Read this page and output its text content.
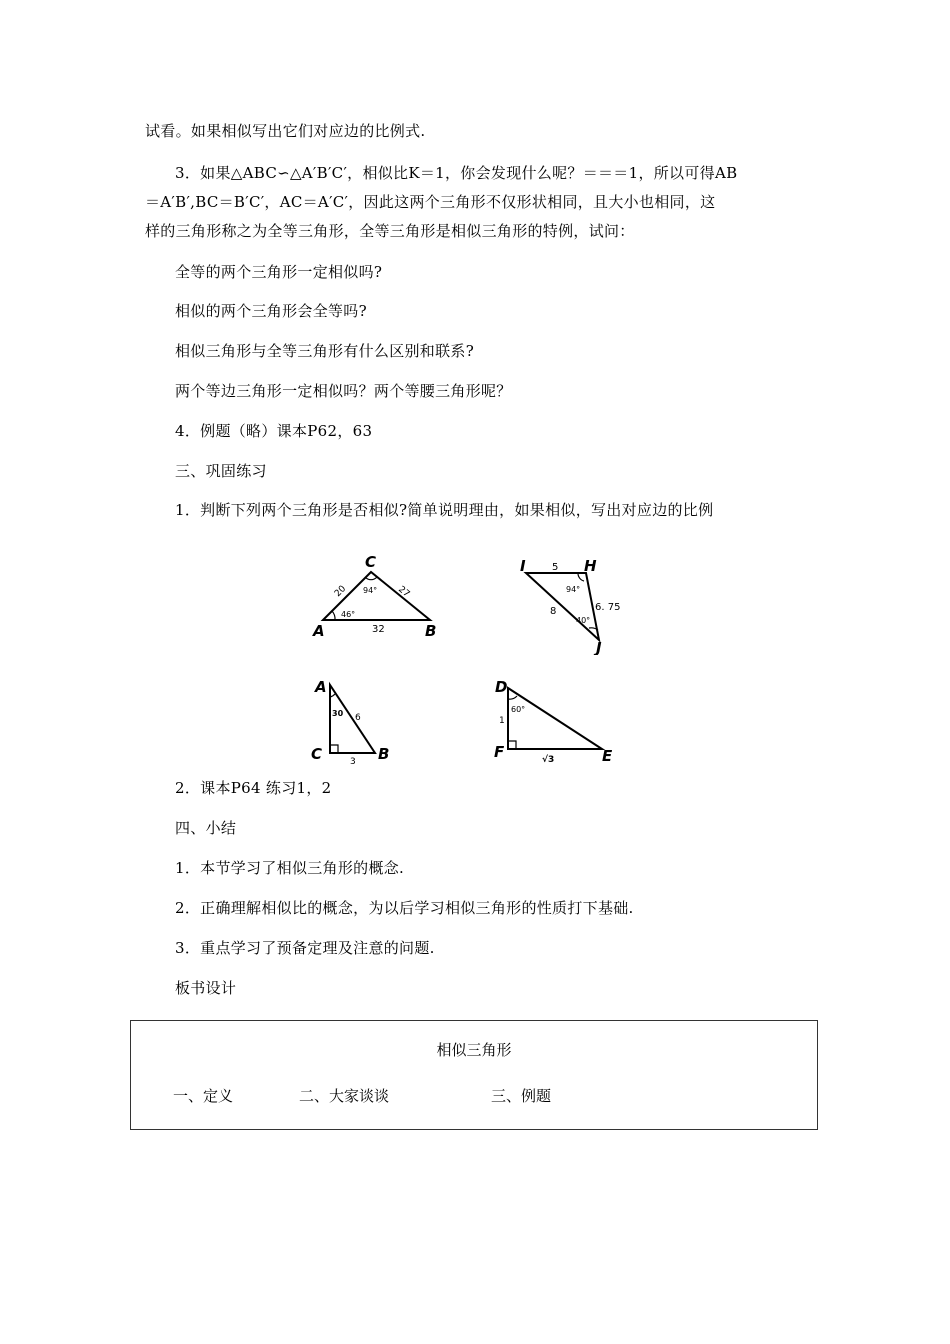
试看。如果相似写出它们对应边的比例式.
3．如果△ABC∽△A′B′C′，相似比K＝1，你会发现什么呢？＝＝＝1，所以可得AB
＝A′B′,BC＝B′C′，AC＝A′C′，因此这两个三角形不仅形状相同，且大小也相同，这
样的三角形称之为全等三角形，全等三角形是相似三角形的特例，试问：
全等的两个三角形一定相似吗?
相似的两个三角形会全等吗?
相似三角形与全等三角形有什么区别和联系?
两个等边三角形一定相似吗？两个等腰三角形呢？
4．例题（略）课本P62，63
三、巩固练习
1．判断下列两个三角形是否相似?简单说明理由，如果相似，写出对应边的比例
C
A	B
20	27
32
94°
46°
I	H
J
5
6. 75
8
94°
40°
A
C	B
6
3
30
D
F	E
1
√3
60°
2．课本P64 练习1，2
四、小结
1．本节学习了相似三角形的概念.
2．正确理解相似比的概念，为以后学习相似三角形的性质打下基础.
3．重点学习了预备定理及注意的问题.
板书设计
相似三角形
一、定义	二、大家谈谈	三、例题
